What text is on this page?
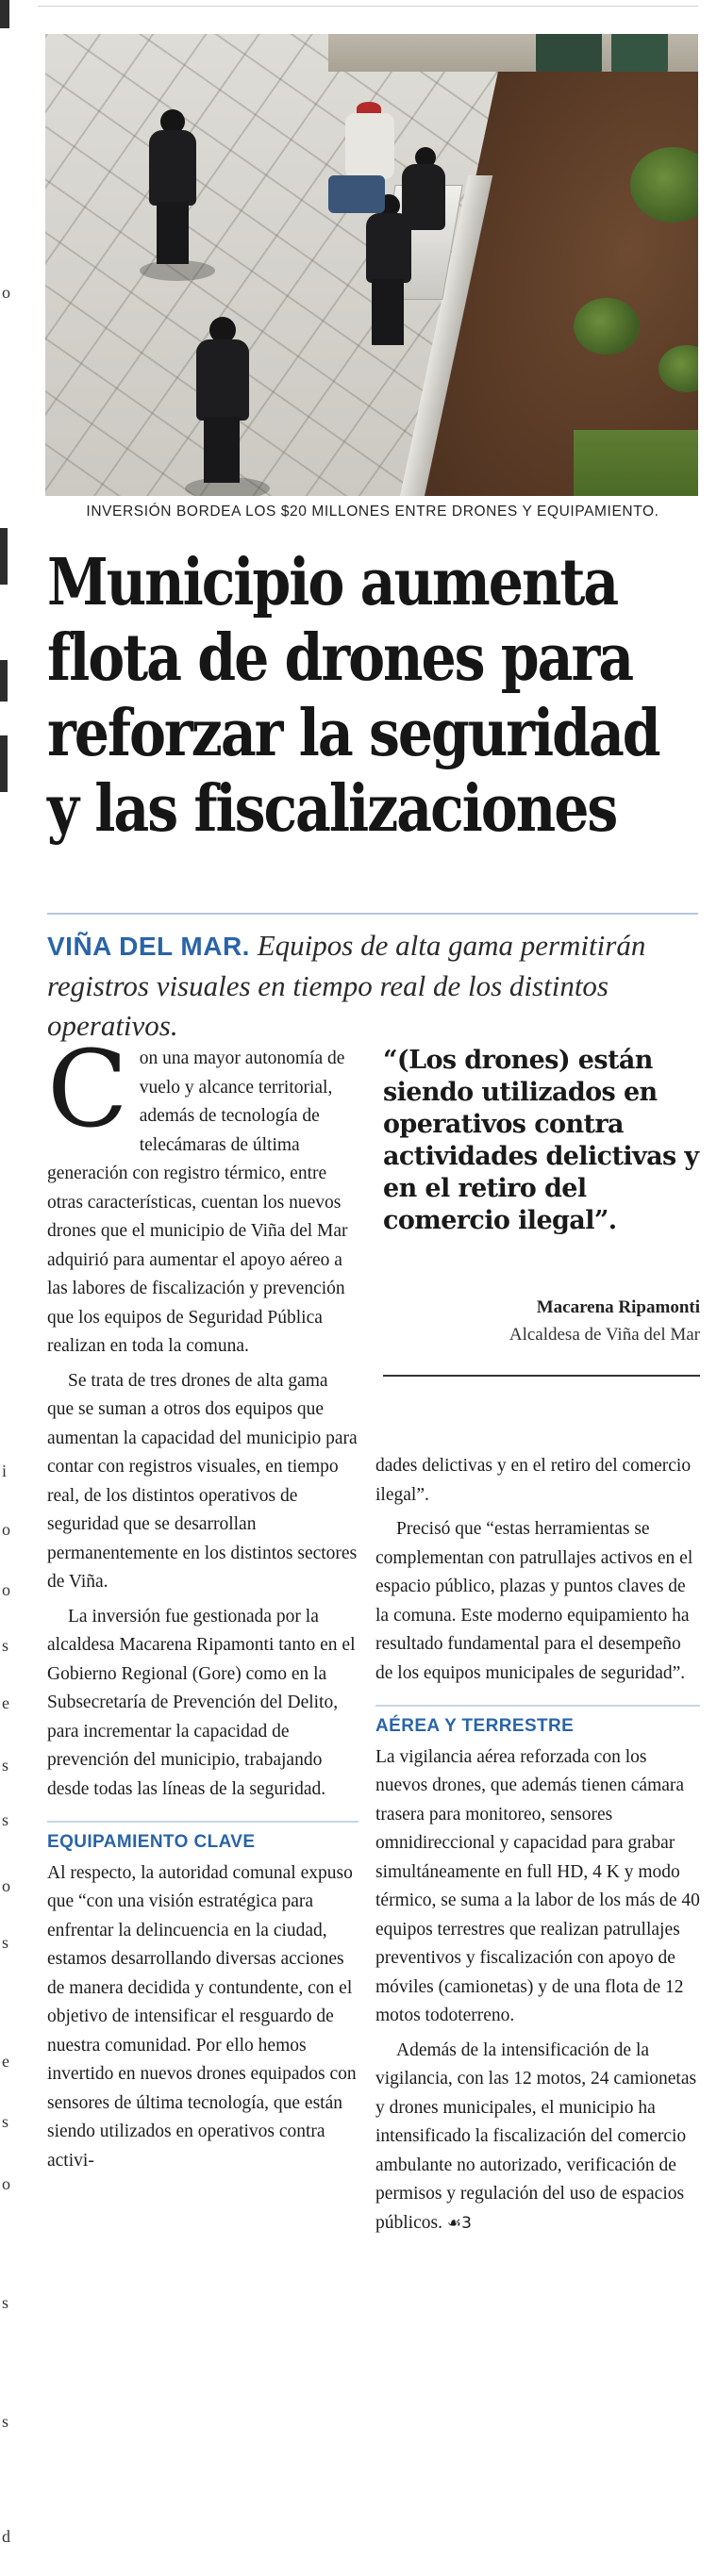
o
i
o
o
s
e
s
s
o
s
e
s
o
s
s
d
INVERSIÓN BORDEA LOS $20 MILLONES ENTRE DRONES Y EQUIPAMIENTO.
Municipio aumenta
flota de drones para
reforzar la seguridad
y las fiscalizaciones
VIÑA DEL MAR. Equipos de alta gama permitirán registros visuales en tiempo real de los distintos operativos.

Con una mayor autonomía de vuelo y alcance territorial, además de tecnología de telecámaras de última generación con registro térmico, entre otras características, cuentan los nuevos drones que el municipio de Viña del Mar adquirió para aumentar el apoyo aéreo a las labores de fiscalización y prevención que los equipos de Seguridad Pública realizan en toda la comuna.

Se trata de tres drones de alta gama que se suman a otros dos equipos que aumentan la capacidad del municipio para contar con registros visuales, en tiempo real, de los distintos operativos de seguridad que se desarrollan permanentemente en los distintos sectores de Viña.

La inversión fue gestionada por la alcaldesa Macarena Ripamonti tanto en el Gobierno Regional (Gore) como en la Subsecretaría de Prevención del Delito, para incrementar la capacidad de prevención del municipio, trabajando desde todas las líneas de la seguridad.

EQUIPAMIENTO CLAVE

Al respecto, la autoridad comunal expuso que “con una visión estratégica para enfrentar la delincuencia en la ciudad, estamos desarrollando diversas acciones de manera decidida y contundente, con el objetivo de intensificar el resguardo de nuestra comunidad. Por ello hemos invertido en nuevos drones equipados con sensores de última tecnología, que están siendo utilizados en operativos contra activi-

“(Los drones) están siendo utilizados en operativos contra actividades delictivas y en el retiro del comercio ilegal”.
Macarena Ripamonti
Alcaldesa de Viña del Mar

dades delictivas y en el retiro del comercio ilegal”.

Precisó que “estas herramientas se complementan con patrullajes activos en el espacio público, plazas y puntos claves de la comuna. Este moderno equipamiento ha resultado fundamental para el desempeño de los equipos municipales de seguridad”.

AÉREA Y TERRESTRE

La vigilancia aérea reforzada con los nuevos drones, que además tienen cámara trasera para monitoreo, sensores omnidireccional y capacidad para grabar simultáneamente en full HD, 4 K y modo térmico, se suma a la labor de los más de 40 equipos terrestres que realizan patrullajes preventivos y fiscalización con apoyo de móviles (camionetas) y de una flota de 12 motos todoterreno.

Además de la intensificación de la vigilancia, con las 12 motos, 24 camionetas y drones municipales, el municipio ha intensificado la fiscalización del comercio ambulante no autorizado, verificación de permisos y regulación del uso de espacios públicos. ☙3
